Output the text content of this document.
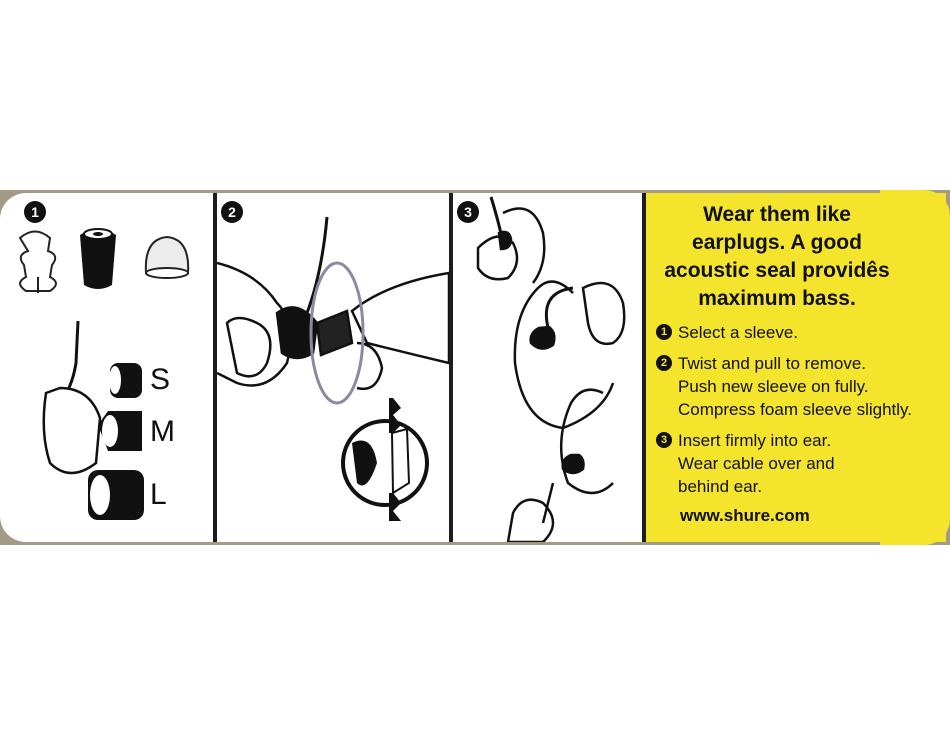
1
S
M
L
2	3	Wear them like
earplugs. A good
acoustic seal providês
maximum bass.
1 Select a sleeve.
2 Twist and pull to remove.
Push new sleeve on fully.
Compress foam sleeve slightly.
3 Insert firmly into ear.
Wear cable over and
behind ear.
www.shure.com
